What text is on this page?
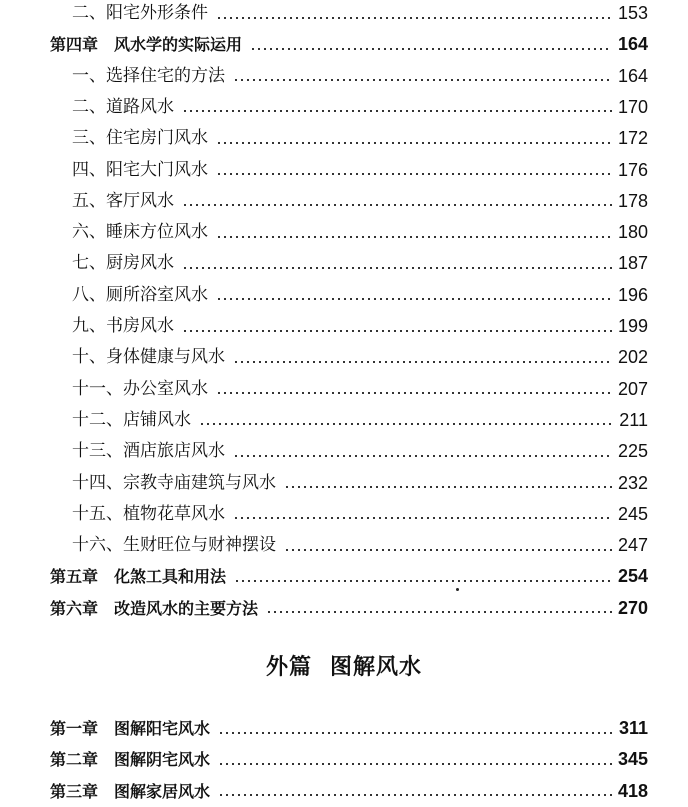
二、阳宅外形条件	153
第四章　风水学的实际运用	164
一、选择住宅的方法	164
二、道路风水	170
三、住宅房门风水	172
四、阳宅大门风水	176
五、客厅风水	178
六、睡床方位风水	180
七、厨房风水	187
八、厕所浴室风水	196
九、书房风水	199
十、身体健康与风水	202
十一、办公室风水	207
十二、店铺风水	211
十三、酒店旅店风水	225
十四、宗教寺庙建筑与风水	232
十五、植物花草风水	245
十六、生财旺位与财神摆设	247
第五章　化煞工具和用法	254
第六章　改造风水的主要方法	270
外篇 图解风水
第一章　图解阳宅风水	311
第二章　图解阴宅风水	345
第三章　图解家居风水	418
